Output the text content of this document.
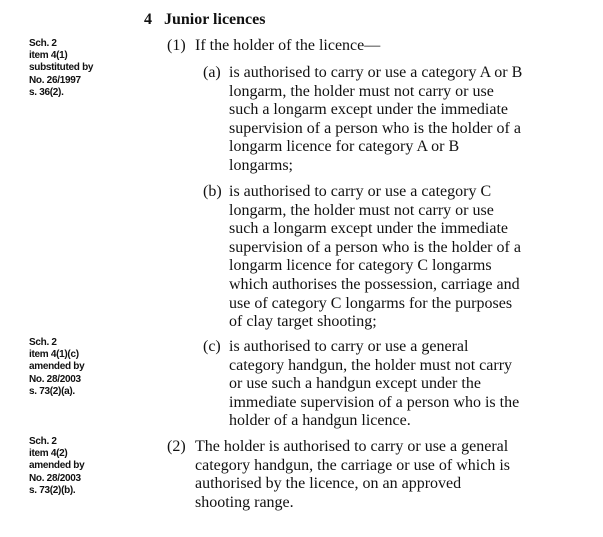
4 Junior licences
Sch. 2
item 4(1)
substituted by
No. 26/1997
s. 36(2).
Sch. 2
item 4(1)(c)
amended by
No. 28/2003
s. 73(2)(a).
Sch. 2
item 4(2)
amended by
No. 28/2003
s. 73(2)(b).
(1) If the holder of the licence—
(a) is authorised to carry or use a category A or B longarm, the holder must not carry or use such a longarm except under the immediate supervision of a person who is the holder of a longarm licence for category A or B longarms;
(b) is authorised to carry or use a category C longarm, the holder must not carry or use such a longarm except under the immediate supervision of a person who is the holder of a longarm licence for category C longarms which authorises the possession, carriage and use of category C longarms for the purposes of clay target shooting;
(c) is authorised to carry or use a general category handgun, the holder must not carry or use such a handgun except under the immediate supervision of a person who is the holder of a handgun licence.
(2) The holder is authorised to carry or use a general category handgun, the carriage or use of which is authorised by the licence, on an approved shooting range.
